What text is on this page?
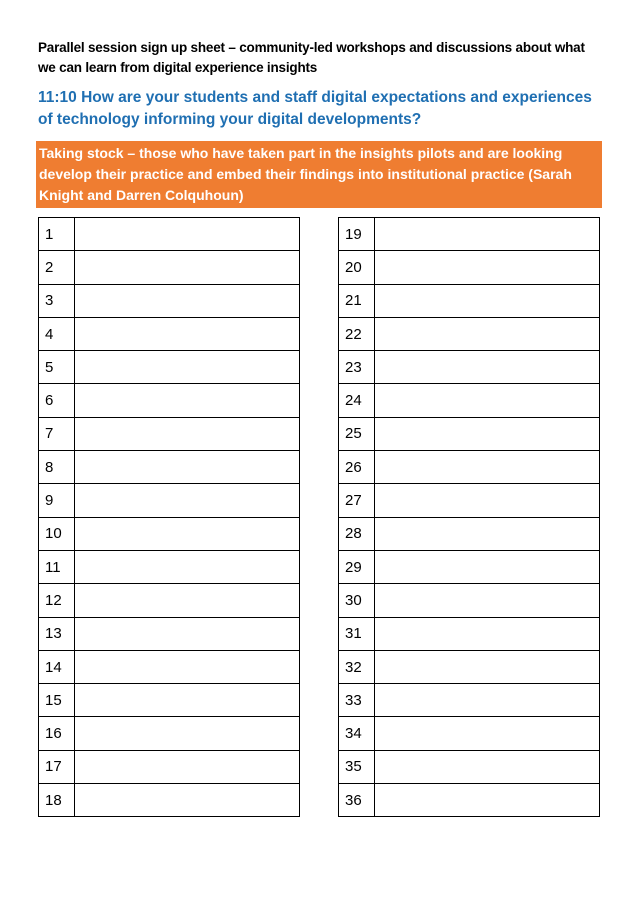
Parallel session sign up sheet – community-led workshops and discussions about what we can learn from digital experience insights
11:10 How are your students and staff digital expectations and experiences of technology informing your digital developments?
Taking stock – those who have taken part in the insights pilots and are looking develop their practice and embed their findings into institutional practice (Sarah Knight and Darren Colquhoun)
1	
2	
3	
4	
5	
6	
7	
8	
9	
10	
11	
12	
13	
14	
15	
16	
17	
18	
19	
20	
21	
22	
23	
24	
25	
26	
27	
28	
29	
30	
31	
32	
33	
34	
35	
36	
